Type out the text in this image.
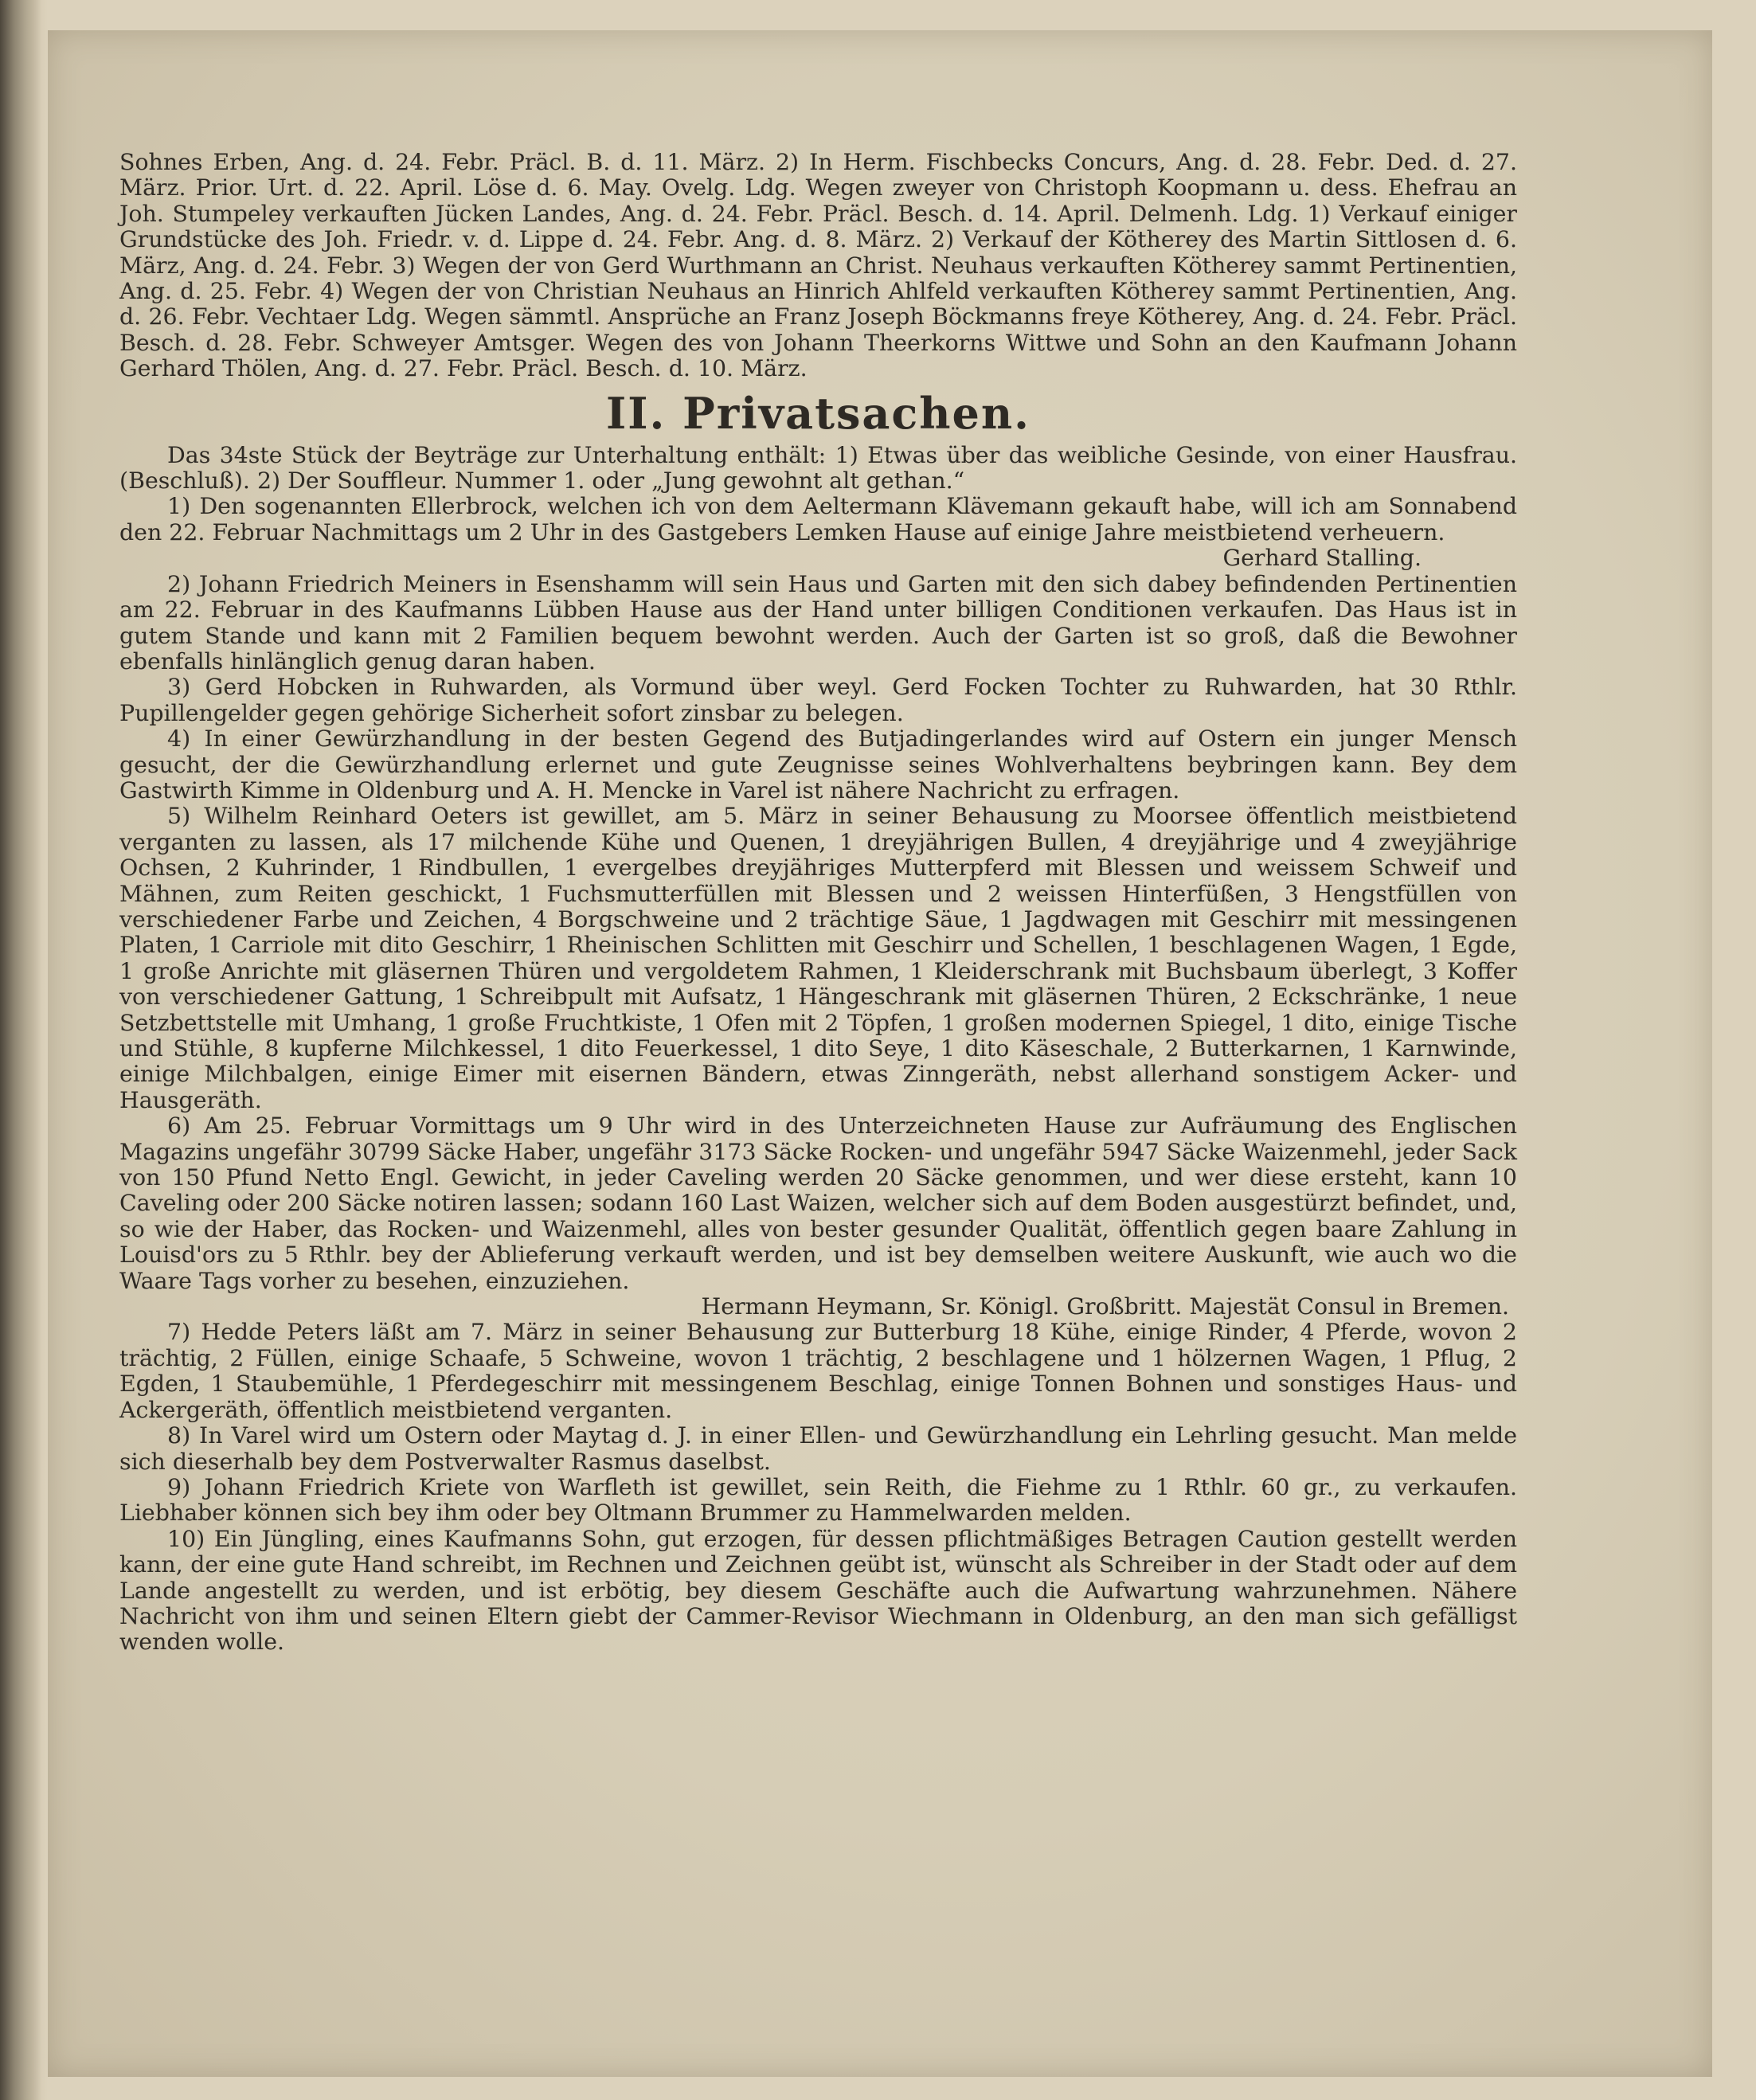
Sohnes Erben, Ang. d. 24. Febr. Präcl. B. d. 11. März. 2) In Herm. Fischbecks Concurs, Ang. d. 28. Febr. Ded. d. 27. März. Prior. Urt. d. 22. April. Löse d. 6. May. Ovelg. Ldg. Wegen zweyer von Christoph Koopmann u. dess. Ehefrau an Joh. Stumpeley verkauften Jücken Landes, Ang. d. 24. Febr. Präcl. Besch. d. 14. April. Delmenh. Ldg. 1) Verkauf einiger Grundstücke des Joh. Friedr. v. d. Lippe d. 24. Febr. Ang. d. 8. März. 2) Verkauf der Kötherey des Martin Sittlosen d. 6. März, Ang. d. 24. Febr. 3) Wegen der von Gerd Wurthmann an Christ. Neuhaus verkauften Kötherey sammt Pertinentien, Ang. d. 25. Febr. 4) Wegen der von Christian Neuhaus an Hinrich Ahlfeld verkauften Kötherey sammt Pertinentien, Ang. d. 26. Febr. Vechtaer Ldg. Wegen sämmtl. Ansprüche an Franz Joseph Böckmanns freye Kötherey, Ang. d. 24. Febr. Präcl. Besch. d. 28. Febr. Schweyer Amtsger. Wegen des von Johann Theerkorns Wittwe und Sohn an den Kaufmann Johann Gerhard Thölen, Ang. d. 27. Febr. Präcl. Besch. d. 10. März.

II. Privatsachen.

Das 34ste Stück der Beyträge zur Unterhaltung enthält: 1) Etwas über das weibliche Gesinde, von einer Hausfrau. (Beschluß). 2) Der Souffleur. Nummer 1. oder „Jung gewohnt alt gethan.“

1) Den sogenannten Ellerbrock, welchen ich von dem Aeltermann Klävemann gekauft habe, will ich am Sonnabend den 22. Februar Nachmittags um 2 Uhr in des Gastgebers Lemken Hause auf einige Jahre meistbietend verheuern.

Gerhard Stalling.

2) Johann Friedrich Meiners in Esenshamm will sein Haus und Garten mit den sich dabey befindenden Pertinentien am 22. Februar in des Kaufmanns Lübben Hause aus der Hand unter billigen Conditionen verkaufen. Das Haus ist in gutem Stande und kann mit 2 Familien bequem bewohnt werden. Auch der Garten ist so groß, daß die Bewohner ebenfalls hinlänglich genug daran haben.

3) Gerd Hobcken in Ruhwarden, als Vormund über weyl. Gerd Focken Tochter zu Ruhwarden, hat 30 Rthlr. Pupillengelder gegen gehörige Sicherheit sofort zinsbar zu belegen.

4) In einer Gewürzhandlung in der besten Gegend des Butjadingerlandes wird auf Ostern ein junger Mensch gesucht, der die Gewürzhandlung erlernet und gute Zeugnisse seines Wohlverhaltens beybringen kann. Bey dem Gastwirth Kimme in Oldenburg und A. H. Mencke in Varel ist nähere Nachricht zu erfragen.

5) Wilhelm Reinhard Oeters ist gewillet, am 5. März in seiner Behausung zu Moorsee öffentlich meistbietend verganten zu lassen, als 17 milchende Kühe und Quenen, 1 dreyjährigen Bullen, 4 dreyjährige und 4 zweyjährige Ochsen, 2 Kuhrinder, 1 Rindbullen, 1 evergelbes dreyjähriges Mutterpferd mit Blessen und weissem Schweif und Mähnen, zum Reiten geschickt, 1 Fuchsmutterfüllen mit Blessen und 2 weissen Hinterfüßen, 3 Hengstfüllen von verschiedener Farbe und Zeichen, 4 Borgschweine und 2 trächtige Säue, 1 Jagdwagen mit Geschirr mit messingenen Platen, 1 Carriole mit dito Geschirr, 1 Rheinischen Schlitten mit Geschirr und Schellen, 1 beschlagenen Wagen, 1 Egde, 1 große Anrichte mit gläsernen Thüren und vergoldetem Rahmen, 1 Kleiderschrank mit Buchsbaum überlegt, 3 Koffer von verschiedener Gattung, 1 Schreibpult mit Aufsatz, 1 Hängeschrank mit gläsernen Thüren, 2 Eckschränke, 1 neue Setzbettstelle mit Umhang, 1 große Fruchtkiste, 1 Ofen mit 2 Töpfen, 1 großen modernen Spiegel, 1 dito, einige Tische und Stühle, 8 kupferne Milchkessel, 1 dito Feuerkessel, 1 dito Seye, 1 dito Käseschale, 2 Butterkarnen, 1 Karnwinde, einige Milchbalgen, einige Eimer mit eisernen Bändern, etwas Zinngeräth, nebst allerhand sonstigem Acker- und Hausgeräth.

6) Am 25. Februar Vormittags um 9 Uhr wird in des Unterzeichneten Hause zur Aufräumung des Englischen Magazins ungefähr 30799 Säcke Haber, ungefähr 3173 Säcke Rocken- und ungefähr 5947 Säcke Waizenmehl, jeder Sack von 150 Pfund Netto Engl. Gewicht, in jeder Caveling werden 20 Säcke genommen, und wer diese ersteht, kann 10 Caveling oder 200 Säcke notiren lassen; sodann 160 Last Waizen, welcher sich auf dem Boden ausgestürzt befindet, und, so wie der Haber, das Rocken- und Waizenmehl, alles von bester gesunder Qualität, öffentlich gegen baare Zahlung in Louisd'ors zu 5 Rthlr. bey der Ablieferung verkauft werden, und ist bey demselben weitere Auskunft, wie auch wo die Waare Tags vorher zu besehen, einzuziehen.

Hermann Heymann, Sr. Königl. Großbritt. Majestät Consul in Bremen.

7) Hedde Peters läßt am 7. März in seiner Behausung zur Butterburg 18 Kühe, einige Rinder, 4 Pferde, wovon 2 trächtig, 2 Füllen, einige Schaafe, 5 Schweine, wovon 1 trächtig, 2 beschlagene und 1 hölzernen Wagen, 1 Pflug, 2 Egden, 1 Staubemühle, 1 Pferdegeschirr mit messingenem Beschlag, einige Tonnen Bohnen und sonstiges Haus- und Ackergeräth, öffentlich meistbietend verganten.

8) In Varel wird um Ostern oder Maytag d. J. in einer Ellen- und Gewürzhandlung ein Lehrling gesucht. Man melde sich dieserhalb bey dem Postverwalter Rasmus daselbst.

9) Johann Friedrich Kriete von Warfleth ist gewillet, sein Reith, die Fiehme zu 1 Rthlr. 60 gr., zu verkaufen. Liebhaber können sich bey ihm oder bey Oltmann Brummer zu Hammelwarden melden.

10) Ein Jüngling, eines Kaufmanns Sohn, gut erzogen, für dessen pflichtmäßiges Betragen Caution gestellt werden kann, der eine gute Hand schreibt, im Rechnen und Zeichnen geübt ist, wünscht als Schreiber in der Stadt oder auf dem Lande angestellt zu werden, und ist erbötig, bey diesem Geschäfte auch die Aufwartung wahrzunehmen. Nähere Nachricht von ihm und seinen Eltern giebt der Cammer-Revisor Wiechmann in Oldenburg, an den man sich gefälligst wenden wolle.
